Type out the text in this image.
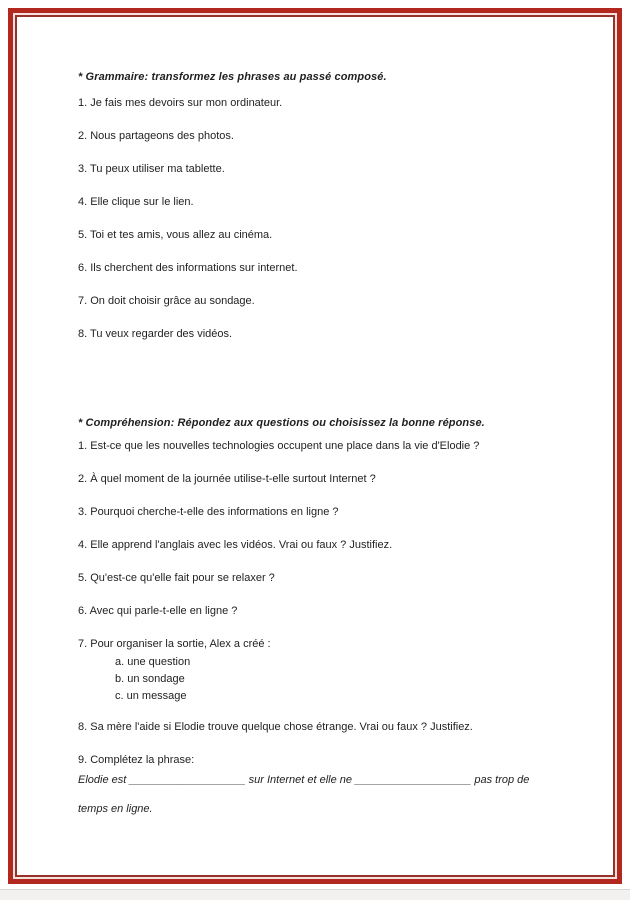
* Grammaire: transformez les phrases au passé composé.

1. Je fais mes devoirs sur mon ordinateur.

2. Nous partageons des photos.

3. Tu peux utiliser ma tablette.

4. Elle clique sur le lien.

5. Toi et tes amis, vous allez au cinéma.

6. Ils cherchent des informations sur internet.

7. On doit choisir grâce au sondage.

8. Tu veux regarder des vidéos.

* Compréhension: Répondez aux questions ou choisissez la bonne réponse.

1. Est-ce que les nouvelles technologies occupent une place dans la vie d'Elodie ?

2. À quel moment de la journée utilise-t-elle surtout Internet ?

3. Pourquoi cherche-t-elle des informations en ligne ?

4. Elle apprend l'anglais avec les vidéos. Vrai ou faux ? Justifiez.

5. Qu'est-ce qu'elle fait pour se relaxer ?

6. Avec qui parle-t-elle en ligne ?

7. Pour organiser la sortie, Alex a créé :

a. une question

b. un sondage

c. un message

8. Sa mère l'aide si Elodie trouve quelque chose étrange. Vrai ou faux ? Justifiez.

9. Complétez la phrase:

Elodie est ___________________ sur Internet et elle ne ___________________ pas trop de

temps en ligne.
